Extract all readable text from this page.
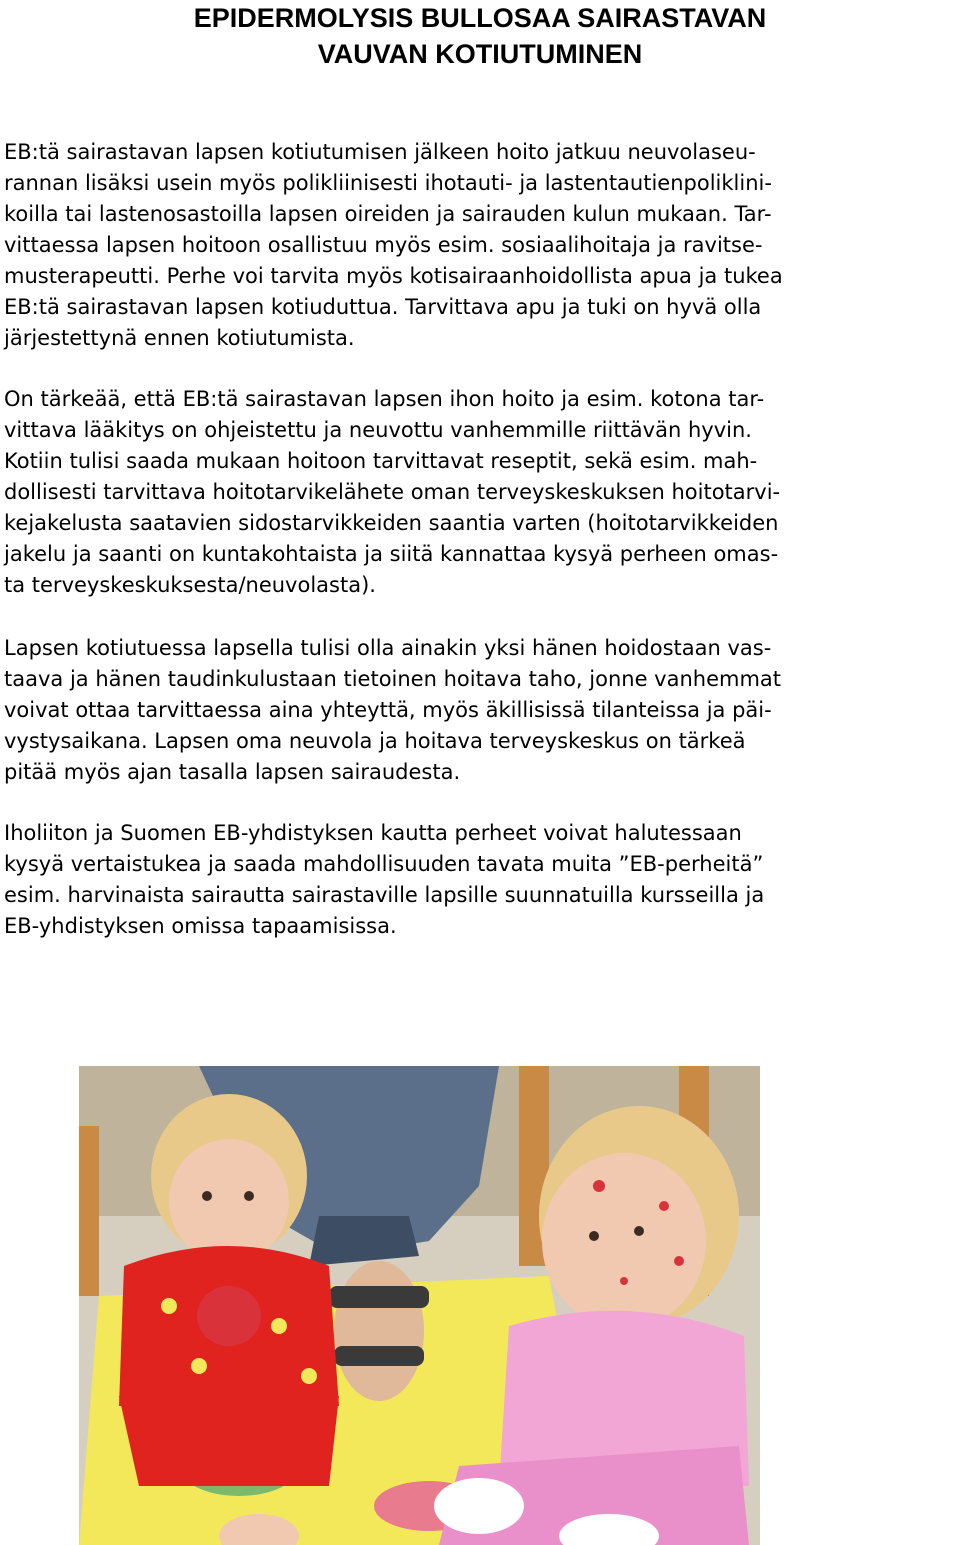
EPIDERMOLYSIS BULLOSAA SAIRASTAVAN
VAUVAN KOTIUTUMINEN
EB:tä sairastavan lapsen kotiutumisen jälkeen hoito jatkuu neuvolaseu-
rannan lisäksi usein myös polikliinisesti ihotauti- ja lastentautienpoliklini-
koilla tai lastenosastoilla lapsen oireiden ja sairauden kulun mukaan. Tar-
vittaessa lapsen hoitoon osallistuu myös esim. sosiaalihoitaja ja ravitse-
musterapeutti. Perhe voi tarvita myös kotisairaanhoidollista apua ja tukea
EB:tä sairastavan lapsen kotiuduttua. Tarvittava apu ja tuki on hyvä olla
järjestettynä ennen kotiutumista.
On tärkeää, että EB:tä sairastavan lapsen ihon hoito ja esim. kotona tar-
vittava lääkitys on ohjeistettu ja neuvottu vanhemmille riittävän hyvin.
Kotiin tulisi saada mukaan hoitoon tarvittavat reseptit, sekä esim. mah-
dollisesti tarvittava hoitotarvikelähete oman terveyskeskuksen hoitotarvi-
kejakelusta saatavien sidostarvikkeiden saantia varten (hoitotarvikkeiden
jakelu ja saanti on kuntakohtaista ja siitä kannattaa kysyä perheen omas-
ta terveyskeskuksesta/neuvolasta).
Lapsen kotiutuessa lapsella tulisi olla ainakin yksi hänen hoidostaan vas-
taava ja hänen taudinkulustaan tietoinen hoitava taho, jonne vanhemmat
voivat ottaa tarvittaessa aina yhteyttä, myös äkillisissä tilanteissa ja päi-
vystysaikana. Lapsen oma neuvola ja hoitava terveyskeskus on tärkeä
pitää myös ajan tasalla lapsen sairaudesta.
Iholiiton ja Suomen EB-yhdistyksen kautta perheet voivat halutessaan
kysyä vertaistukea ja saada mahdollisuuden tavata muita ”EB-perheitä”
esim. harvinaista sairautta sairastaville lapsille suunnatuilla kursseilla ja
EB-yhdistyksen omissa tapaamisissa.
